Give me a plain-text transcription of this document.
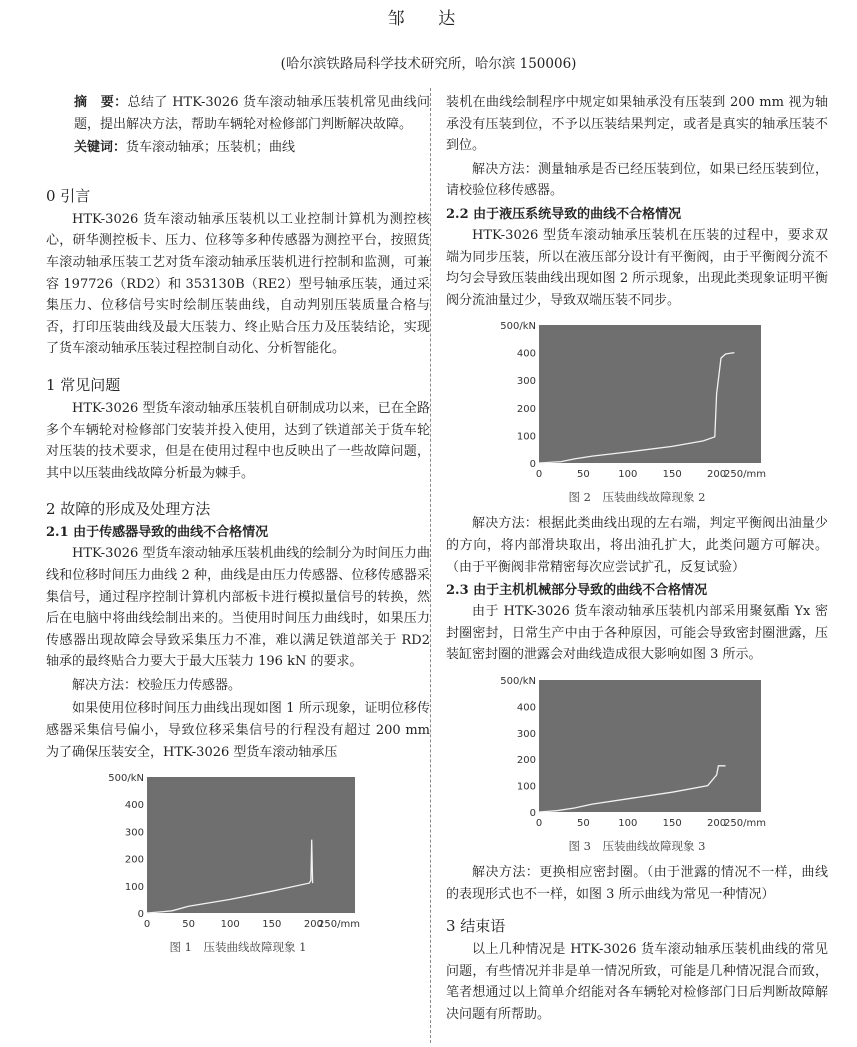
邹 达
(哈尔滨铁路局科学技术研究所，哈尔滨 150006)

摘　要：总结了 HTK-3026 货车滚动轴承压装机常见曲线问题，提出解决方法，帮助车辆轮对检修部门判断解决故障。

关键词：货车滚动轴承；压装机；曲线

0 引言

HTK-3026 货车滚动轴承压装机以工业控制计算机为测控核心，研华测控板卡、压力、位移等多种传感器为测控平台，按照货车滚动轴承压装工艺对货车滚动轴承压装机进行控制和监测，可兼容 197726（RD2）和 353130B（RE2）型号轴承压装，通过采集压力、位移信号实时绘制压装曲线，自动判别压装质量合格与否，打印压装曲线及最大压装力、终止贴合压力及压装结论，实现了货车滚动轴承压装过程控制自动化、分析智能化。

1 常见问题

HTK-3026 型货车滚动轴承压装机自研制成功以来，已在全路多个车辆轮对检修部门安装并投入使用，达到了铁道部关于货车轮对压装的技术要求，但是在使用过程中也反映出了一些故障问题，其中以压装曲线故障分析最为棘手。

2 故障的形成及处理方法
2.1 由于传感器导致的曲线不合格情况

HTK-3026 型货车滚动轴承压装机曲线的绘制分为时间压力曲线和位移时间压力曲线 2 种，曲线是由压力传感器、位移传感器采集信号，通过程序控制计算机内部板卡进行模拟量信号的转换，然后在电脑中将曲线绘制出来的。当使用时间压力曲线时，如果压力传感器出现故障会导致采集压力不准，难以满足铁道部关于 RD2 轴承的最终贴合力要大于最大压装力 196 kN 的要求。

解决方法：校验压力传感器。

如果使用位移时间压力曲线出现如图 1 所示现象，证明位移传感器采集信号偏小，导致位移采集信号的行程没有超过 200 mm 为了确保压装安全，HTK-3026 型货车滚动轴承压

0
100
200
300
400
500/kN
0	50	100 150 200
250/mm
图 1　压装曲线故障现象 1

装机在曲线绘制程序中规定如果轴承没有压装到 200 mm 视为轴承没有压装到位，不予以压装结果判定，或者是真实的轴承压装不到位。

解决方法：测量轴承是否已经压装到位，如果已经压装到位，请校验位移传感器。

2.2 由于液压系统导致的曲线不合格情况

HTK-3026 型货车滚动轴承压装机在压装的过程中，要求双端为同步压装，所以在液压部分设计有平衡阀，由于平衡阀分流不均匀会导致压装曲线出现如图 2 所示现象，出现此类现象证明平衡阀分流油量过少，导致双端压装不同步。

0
100
200
300
400
500/kN
0	50	100	150	200
250/mm
图 2　压装曲线故障现象 2

解决方法：根据此类曲线出现的左右端，判定平衡阀出油量少的方向，将内部滑块取出，将出油孔扩大，此类问题方可解决。（由于平衡阀非常精密每次应尝试扩孔，反复试验）

2.3 由于主机机械部分导致的曲线不合格情况

由于 HTK-3026 货车滚动轴承压装机内部采用聚氨酯 Yx 密封圈密封，日常生产中由于各种原因，可能会导致密封圈泄露，压装缸密封圈的泄露会对曲线造成很大影响如图 3 所示。

0
100
200
300
400
500/kN
0	50	100	150	200
250/mm
图 3　压装曲线故障现象 3

解决方法：更换相应密封圈。（由于泄露的情况不一样，曲线的表现形式也不一样，如图 3 所示曲线为常见一种情况）

3 结束语

以上几种情况是 HTK-3026 货车滚动轴承压装机曲线的常见问题，有些情况并非是单一情况所致，可能是几种情况混合而致，笔者想通过以上简单介绍能对各车辆轮对检修部门日后判断故障解决问题有所帮助。
